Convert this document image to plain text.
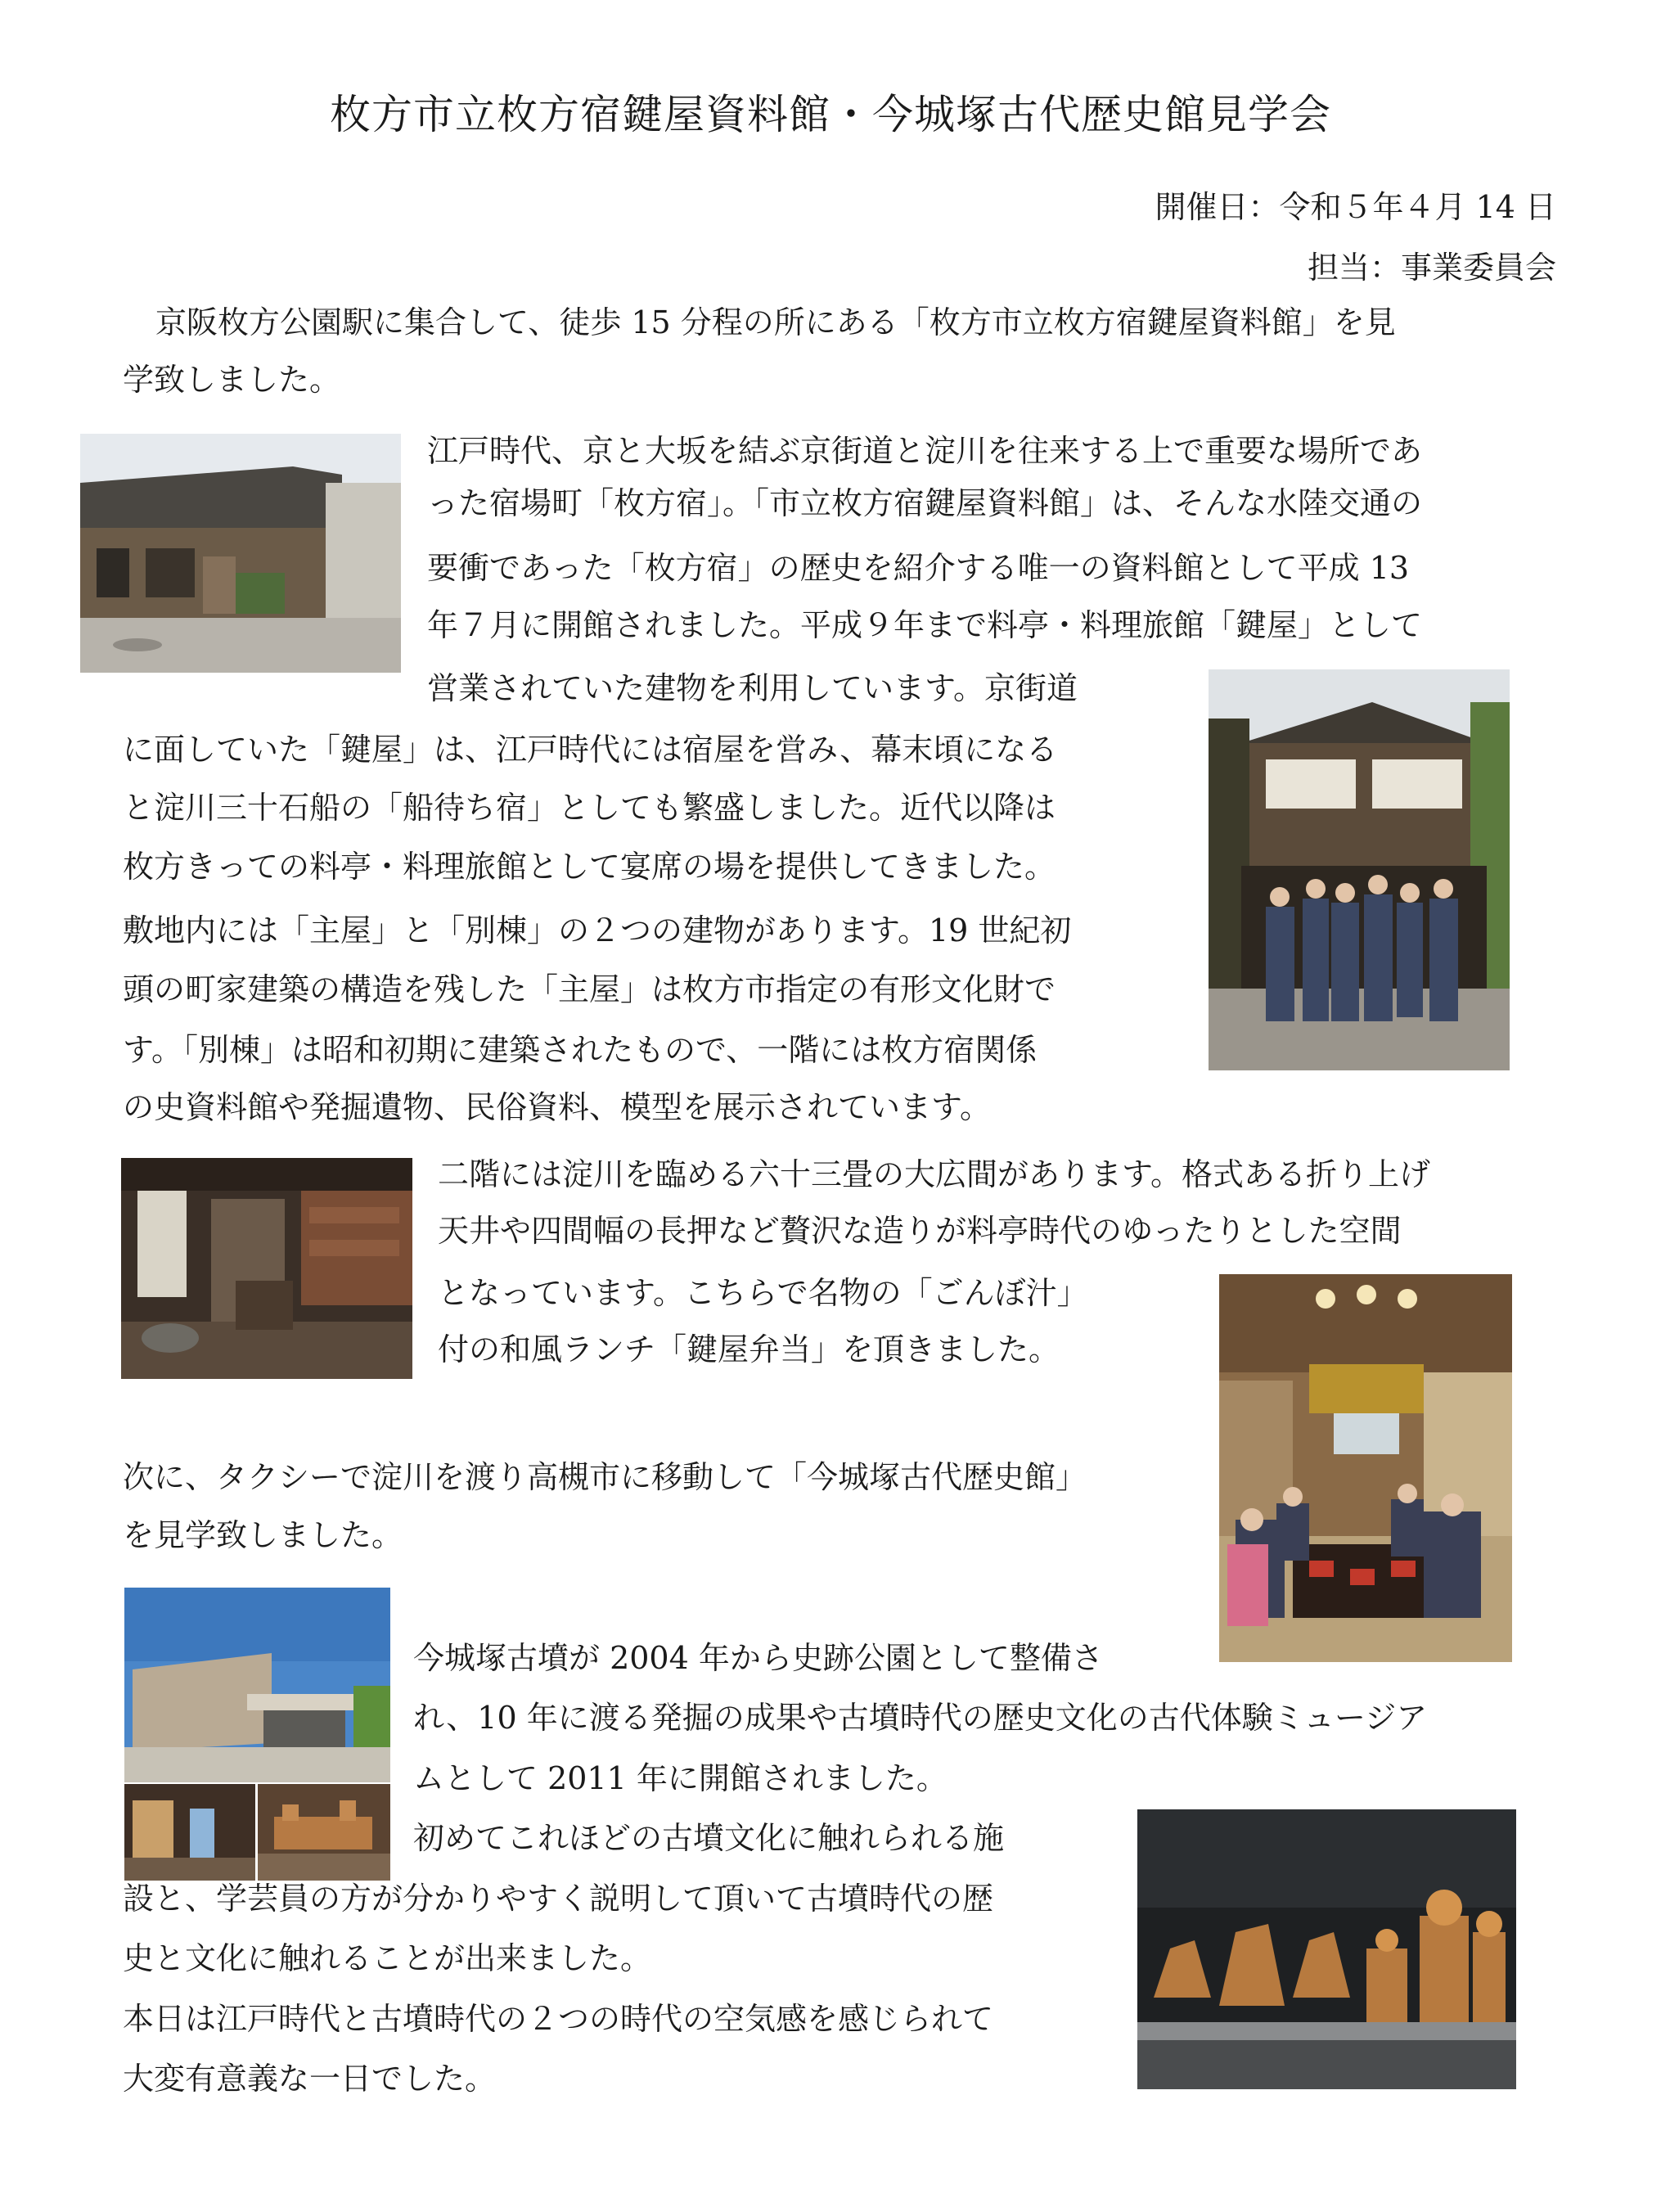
枚方市立枚方宿鍵屋資料館・今城塚古代歴史館見学会
開催日：令和５年４月 14 日
担当：事業委員会
京阪枚方公園駅に集合して、徒歩 15 分程の所にある「枚方市立枚方宿鍵屋資料館」を見
学致しました。
江戸時代、京と大坂を結ぶ京街道と淀川を往来する上で重要な場所であ
った宿場町「枚方宿」。「市立枚方宿鍵屋資料館」は、そんな水陸交通の
要衝であった「枚方宿」の歴史を紹介する唯一の資料館として平成 13
年７月に開館されました。平成９年まで料亭・料理旅館「鍵屋」として
営業されていた建物を利用しています。京街道
に面していた「鍵屋」は、江戸時代には宿屋を営み、幕末頃になる
と淀川三十石船の「船待ち宿」としても繁盛しました。近代以降は
枚方きっての料亭・料理旅館として宴席の場を提供してきました。
敷地内には「主屋」と「別棟」の２つの建物があります。19 世紀初
頭の町家建築の構造を残した「主屋」は枚方市指定の有形文化財で
す。「別棟」は昭和初期に建築されたもので、一階には枚方宿関係
の史資料館や発掘遺物、民俗資料、模型を展示されています。
二階には淀川を臨める六十三畳の大広間があります。格式ある折り上げ
天井や四間幅の長押など贅沢な造りが料亭時代のゆったりとした空間
となっています。こちらで名物の「ごんぼ汁」
付の和風ランチ「鍵屋弁当」を頂きました。
次に、タクシーで淀川を渡り高槻市に移動して「今城塚古代歴史館」
を見学致しました。
今城塚古墳が 2004 年から史跡公園として整備さ
れ、10 年に渡る発掘の成果や古墳時代の歴史文化の古代体験ミュージア
ムとして 2011 年に開館されました。
初めてこれほどの古墳文化に触れられる施
設と、学芸員の方が分かりやすく説明して頂いて古墳時代の歴
史と文化に触れることが出来ました。
本日は江戸時代と古墳時代の２つの時代の空気感を感じられて
大変有意義な一日でした。
